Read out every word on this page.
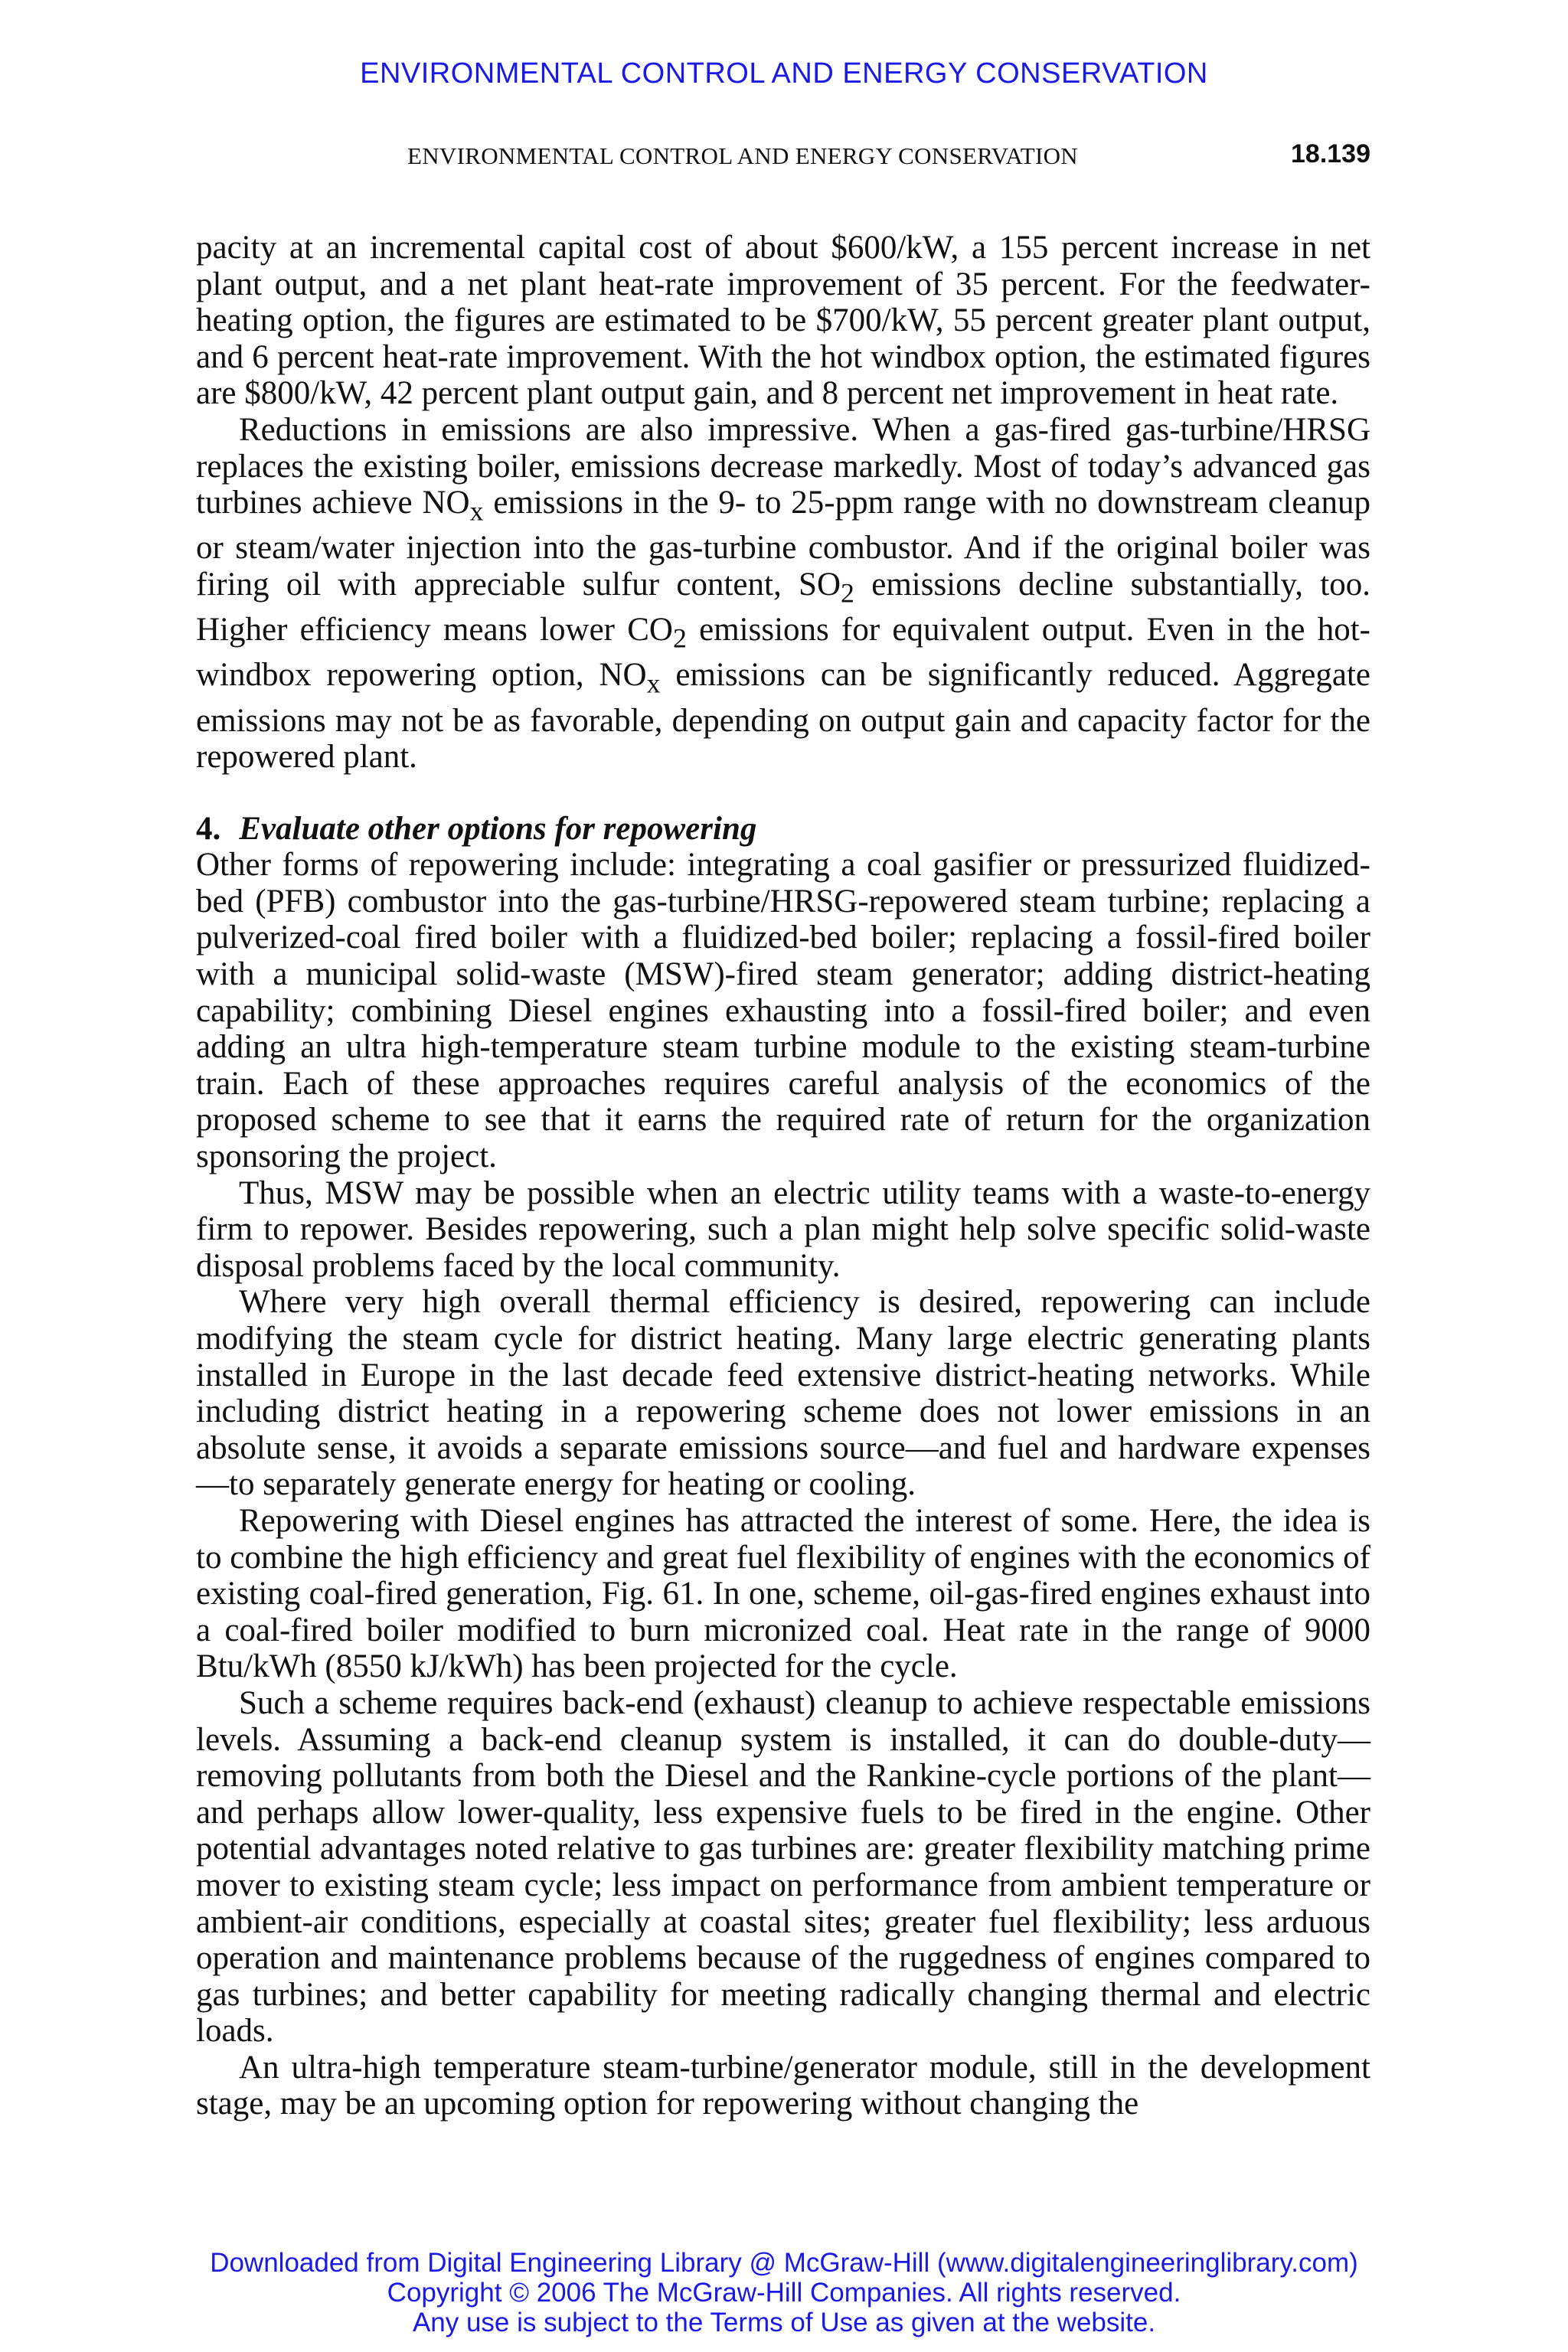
ENVIRONMENTAL CONTROL AND ENERGY CONSERVATION
ENVIRONMENTAL CONTROL AND ENERGY CONSERVATION	18.139

pacity at an incremental capital cost of about $600/kW, a 155 percent increase in net plant output, and a net plant heat-rate improvement of 35 percent. For the feedwater-heating option, the figures are estimated to be $700/kW, 55 percent greater plant output, and 6 percent heat-rate improvement. With the hot windbox option, the estimated figures are $800/kW, 42 percent plant output gain, and 8 percent net improvement in heat rate.

Reductions in emissions are also impressive. When a gas-fired gas-turbine/HRSG replaces the existing boiler, emissions decrease markedly. Most of today’s advanced gas turbines achieve $NO_x$ emissions in the 9- to 25-ppm range with no downstream cleanup or steam/water injection into the gas-turbine combustor. And if the original boiler was firing oil with appreciable sulfur content, $SO_2$ emissions decline substantially, too. Higher efficiency means lower $CO_2$ emissions for equivalent output. Even in the hot-windbox repowering option, $NO_x$ emissions can be significantly reduced. Aggregate emissions may not be as favorable, depending on output gain and capacity factor for the repowered plant.

4. Evaluate other options for repowering

Other forms of repowering include: integrating a coal gasifier or pressurized fluidized-bed (PFB) combustor into the gas-turbine/HRSG-repowered steam turbine; replacing a pulverized-coal fired boiler with a fluidized-bed boiler; replacing a fossil-fired boiler with a municipal solid-waste (MSW)-fired steam generator; adding district-heating capability; combining Diesel engines exhausting into a fossil-fired boiler; and even adding an ultra high-temperature steam turbine module to the existing steam-turbine train. Each of these approaches requires careful analysis of the economics of the proposed scheme to see that it earns the required rate of return for the organization sponsoring the project.

Thus, MSW may be possible when an electric utility teams with a waste-to-energy firm to repower. Besides repowering, such a plan might help solve specific solid-waste disposal problems faced by the local community.

Where very high overall thermal efficiency is desired, repowering can include modifying the steam cycle for district heating. Many large electric generating plants installed in Europe in the last decade feed extensive district-heating networks. While including district heating in a repowering scheme does not lower emissions in an absolute sense, it avoids a separate emissions source—and fuel and hardware expenses—to separately generate energy for heating or cooling.

Repowering with Diesel engines has attracted the interest of some. Here, the idea is to combine the high efficiency and great fuel flexibility of engines with the economics of existing coal-fired generation, Fig. 61. In one, scheme, oil-gas-fired engines exhaust into a coal-fired boiler modified to burn micronized coal. Heat rate in the range of 9000 Btu/kWh (8550 kJ/kWh) has been projected for the cycle.

Such a scheme requires back-end (exhaust) cleanup to achieve respectable emissions levels. Assuming a back-end cleanup system is installed, it can do double-duty—removing pollutants from both the Diesel and the Rankine-cycle portions of the plant—and perhaps allow lower-quality, less expensive fuels to be fired in the engine. Other potential advantages noted relative to gas turbines are: greater flexibility matching prime mover to existing steam cycle; less impact on performance from ambient temperature or ambient-air conditions, especially at coastal sites; greater fuel flexibility; less arduous operation and maintenance problems because of the ruggedness of engines compared to gas turbines; and better capability for meeting radically changing thermal and electric loads.

An ultra-high temperature steam-turbine/generator module, still in the development stage, may be an upcoming option for repowering without changing the

Downloaded from Digital Engineering Library @ McGraw-Hill (www.digitalengineeringlibrary.com)
Copyright © 2006 The McGraw-Hill Companies. All rights reserved.
Any use is subject to the Terms of Use as given at the website.
